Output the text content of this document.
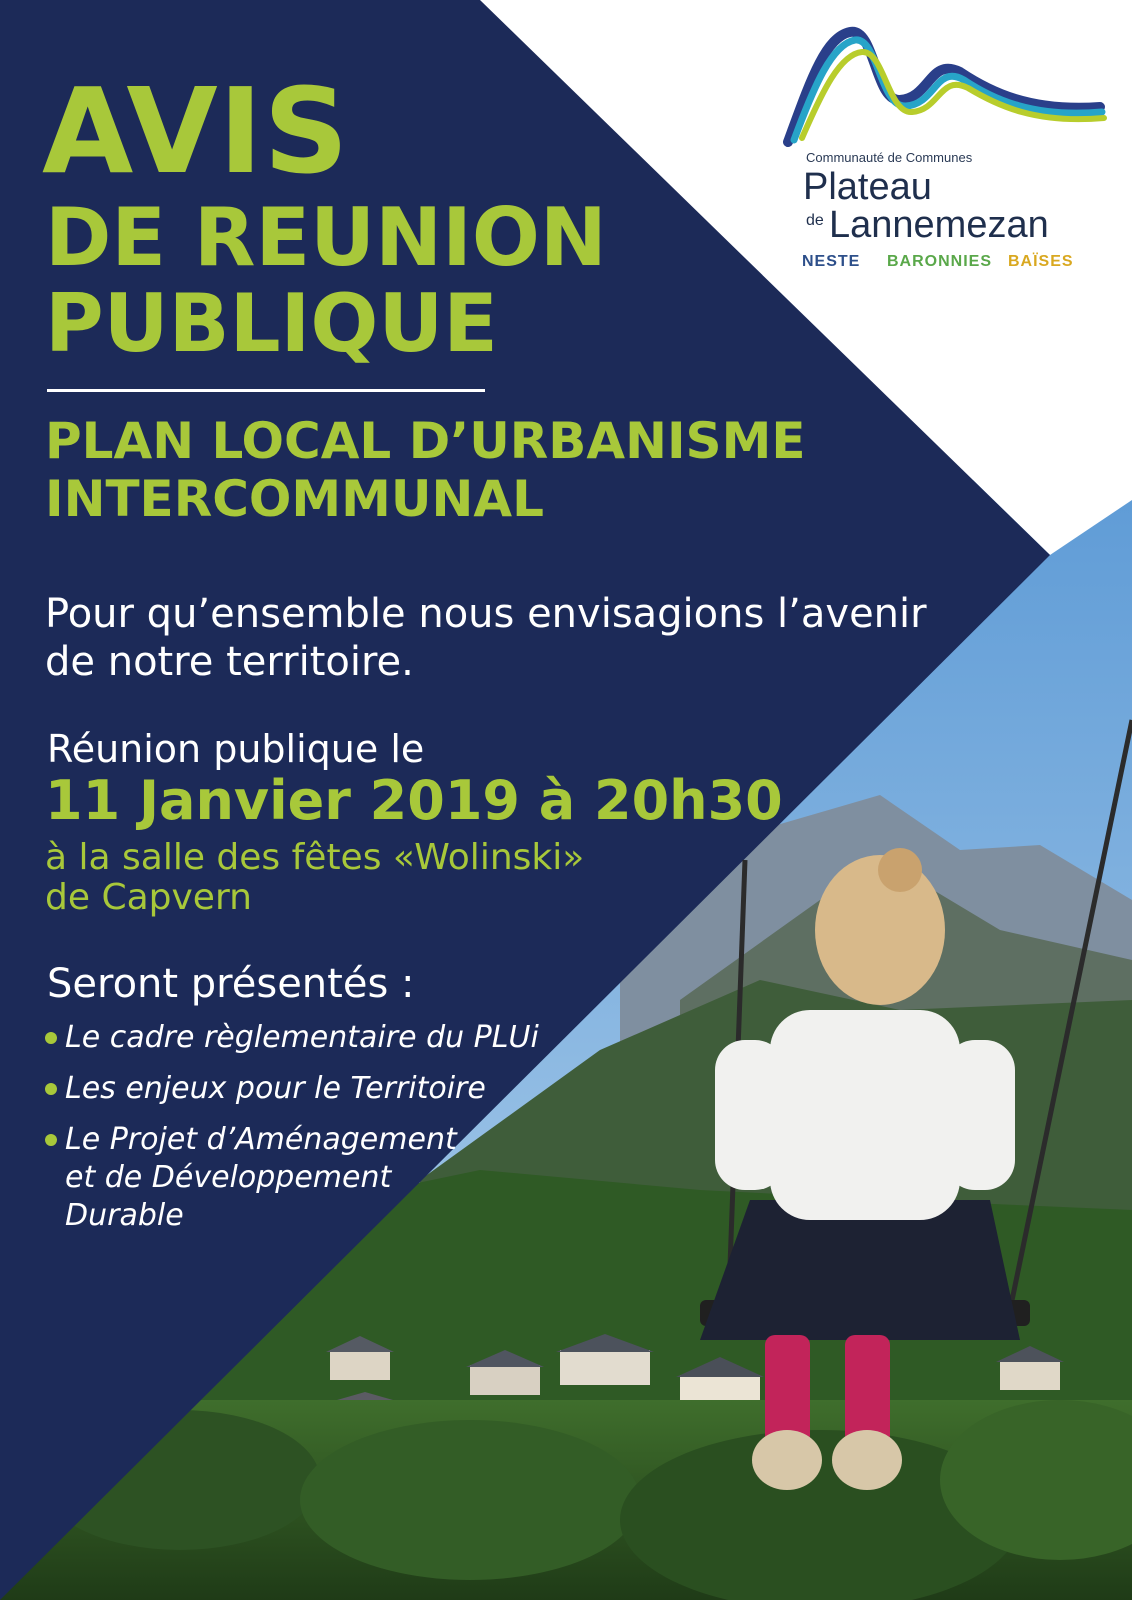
Communauté de Communes
Plateau
de Lannemezan
NESTE BARONNIES BAÏSES
AVIS
DE REUNION
PUBLIQUE
PLAN LOCAL D’URBANISME
INTERCOMMUNAL

Pour qu’ensemble nous envisagions l’avenir

de notre territoire.

Réunion publique le

11 Janvier 2019 à 20h30

à la salle des fêtes «Wolinski»

de Capvern

Seront présentés :

Le cadre règlementaire du PLUi
Les enjeux pour le Territoire
Le Projet d’Aménagement
et de Développement
Durable
